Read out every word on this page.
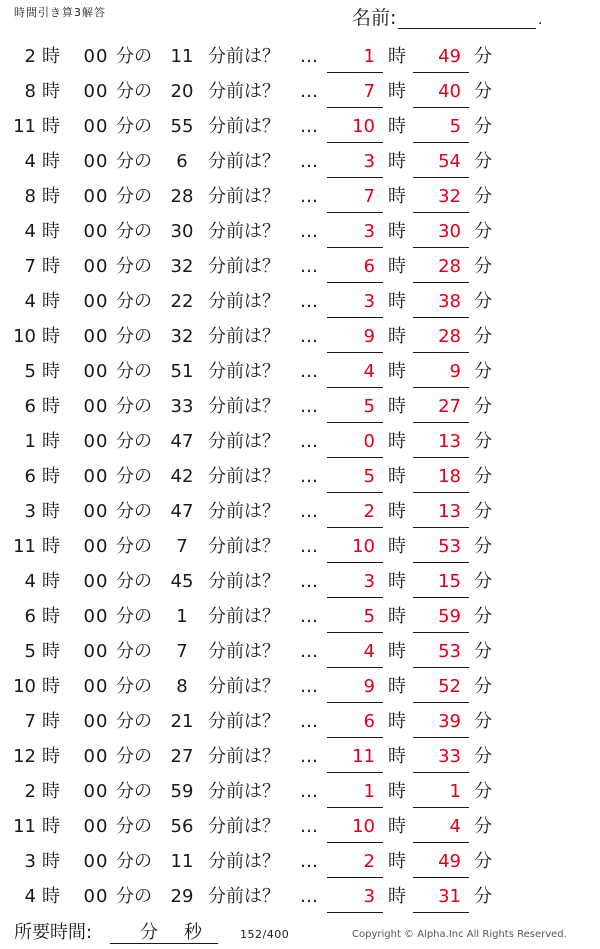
時間引き算3解答	名前:	.
2 時	00 分の	11 分前は？ …	1 時	49 分
8 時	00 分の	20 分前は？ …	7 時	40 分
11 時	00 分の	55 分前は？ …	10 時	5 分
4 時	00 分の	6	分前は？ …	3 時	54 分
8 時	00 分の	28 分前は？ …	7 時	32 分
4 時	00 分の	30 分前は？ …	3 時	30 分
7 時	00 分の	32 分前は？ …	6 時	28 分
4 時	00 分の	22 分前は？ …	3 時	38 分
10 時	00 分の	32 分前は？ …	9 時	28 分
5 時	00 分の	51 分前は？ …	4 時	9 分
6 時	00 分の	33 分前は？ …	5 時	27 分
1 時	00 分の	47 分前は？ …	0 時	13 分
6 時	00 分の	42 分前は？ …	5 時	18 分
3 時	00 分の	47 分前は？ …	2 時	13 分
11 時	00 分の	7	分前は？ …	10 時	53 分
4 時	00 分の	45 分前は？ …	3 時	15 分
6 時	00 分の	1	分前は？ …	5 時	59 分
5 時	00 分の	7	分前は？ …	4 時	53 分
10 時	00 分の	8	分前は？ …	9 時	52 分
7 時	00 分の	21 分前は？ …	6 時	39 分
12 時	00 分の	27 分前は？ …	11 時	33 分
2 時	00 分の	59 分前は？ …	1 時	1 分
11 時	00 分の	56 分前は？ …	10 時	4 分
3 時	00 分の	11 分前は？ …	2 時	49 分
4 時	00 分の	29 分前は？ …	3 時	31 分
所要時間:	分 秒	152/400	Copyright © Alpha.Inc All Rights Reserved.
